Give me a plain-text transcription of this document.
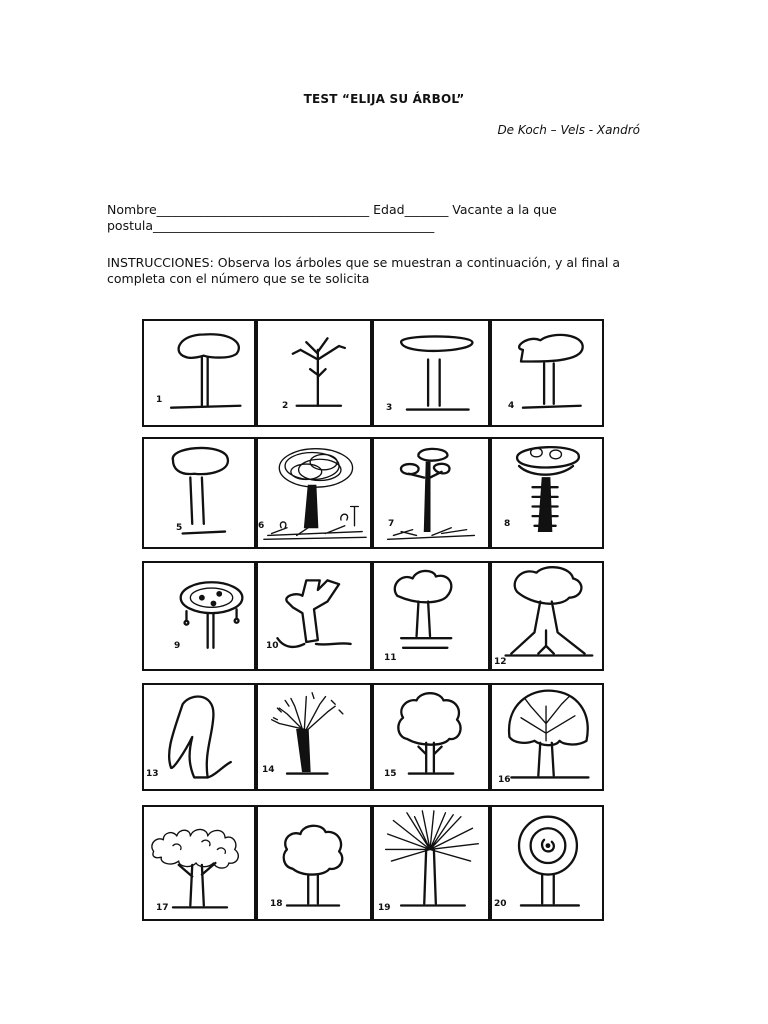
TEST “ELIJA SU ÁRBOL”
De Koch – Vels - Xandró
Nombre__________________________________ Edad_______ Vacante a la que postula_____________________________________________
INSTRUCCIONES: Observa los árboles que se muestran a continuación, y al final a completa con el número que se te solicita
1
2	3	4
5	6	7	8
9	10
11	12
13	14	15
16
17	18	19	20
